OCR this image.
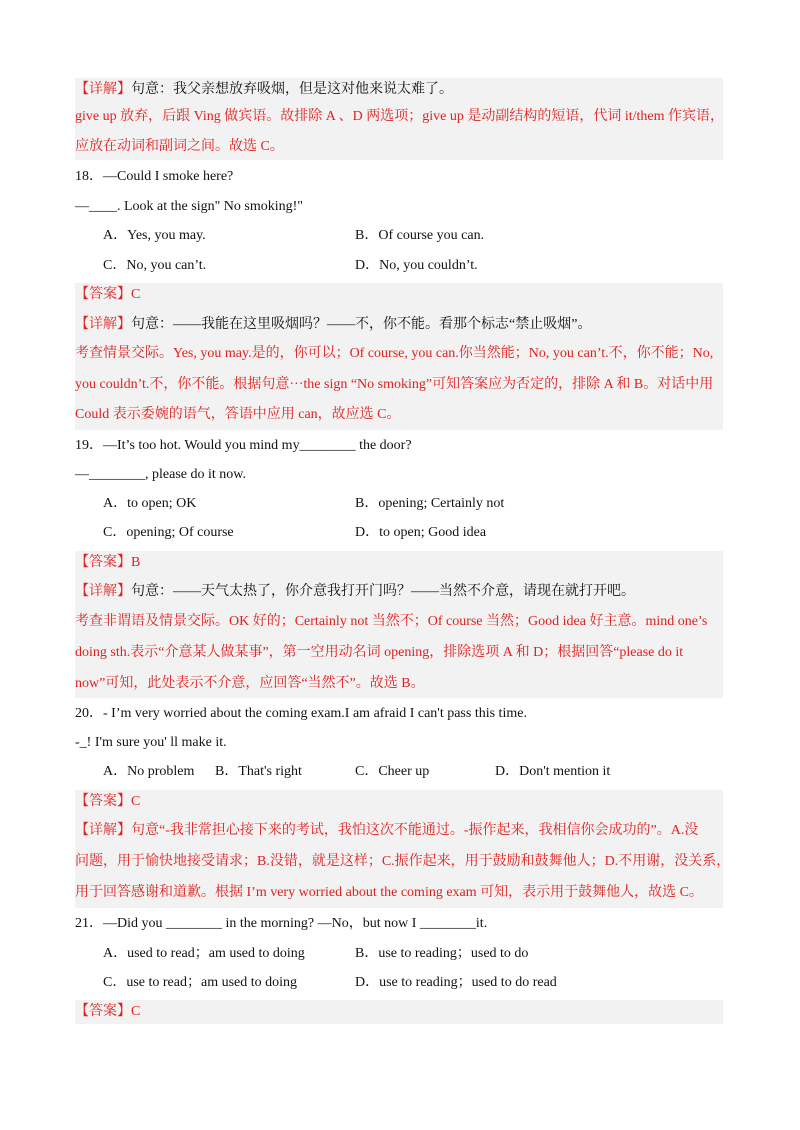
【详解】句意：我父亲想放弃吸烟，但是这对他来说太难了。
give up 放弃，后跟 Ving 做宾语。故排除 A 、D 两选项；give up 是动副结构的短语，代词 it/them 作宾语，
应放在动词和副词之间。故选 C。
18．—Could I smoke here?
—____. Look at the sign" No smoking!"
A．Yes, you may.	B．Of course you can.
C．No, you can’t.	D．No, you couldn’t.
【答案】C
【详解】句意：——我能在这里吸烟吗？——不，你不能。看那个标志“禁止吸烟”。
考查情景交际。Yes, you may.是的，你可以；Of course, you can.你当然能；No, you can’t.不，你不能；No,
you couldn’t.不，你不能。根据句意···the sign “No smoking”可知答案应为否定的，排除 A 和 B。对话中用
Could 表示委婉的语气，答语中应用 can，故应选 C。
19．—It’s too hot. Would you mind my________ the door?
—________, please do it now.
A．to open; OK	B．opening; Certainly not
C．opening; Of course	D．to open; Good idea
【答案】B
【详解】句意：——天气太热了，你介意我打开门吗？——当然不介意，请现在就打开吧。
考查非谓语及情景交际。OK 好的；Certainly not 当然不；Of course 当然；Good idea 好主意。mind one’s
doing sth.表示“介意某人做某事”，第一空用动名词 opening，排除选项 A 和 D；根据回答“please do it
now”可知，此处表示不介意，应回答“当然不”。故选 B。
20．- I’m very worried about the coming exam.I am afraid I can't pass this time.
-_! I'm sure you' ll make it.
A．No problem B．That's right	C．Cheer up	D．Don't mention it
【答案】C
【详解】句意“-我非常担心接下来的考试，我怕这次不能通过。-振作起来，我相信你会成功的”。A.没
问题，用于愉快地接受请求；B.没错，就是这样；C.振作起来，用于鼓励和鼓舞他人；D.不用谢，没关系，
用于回答感谢和道歉。根据 I’m very worried about the coming exam 可知，表示用于鼓舞他人，故选 C。
21．—Did you ________ in the morning? —No，but now I ________it.
A．used to read；am used to doing	B．use to reading；used to do
C．use to read；am used to doing	D．use to reading；used to do read
【答案】C
